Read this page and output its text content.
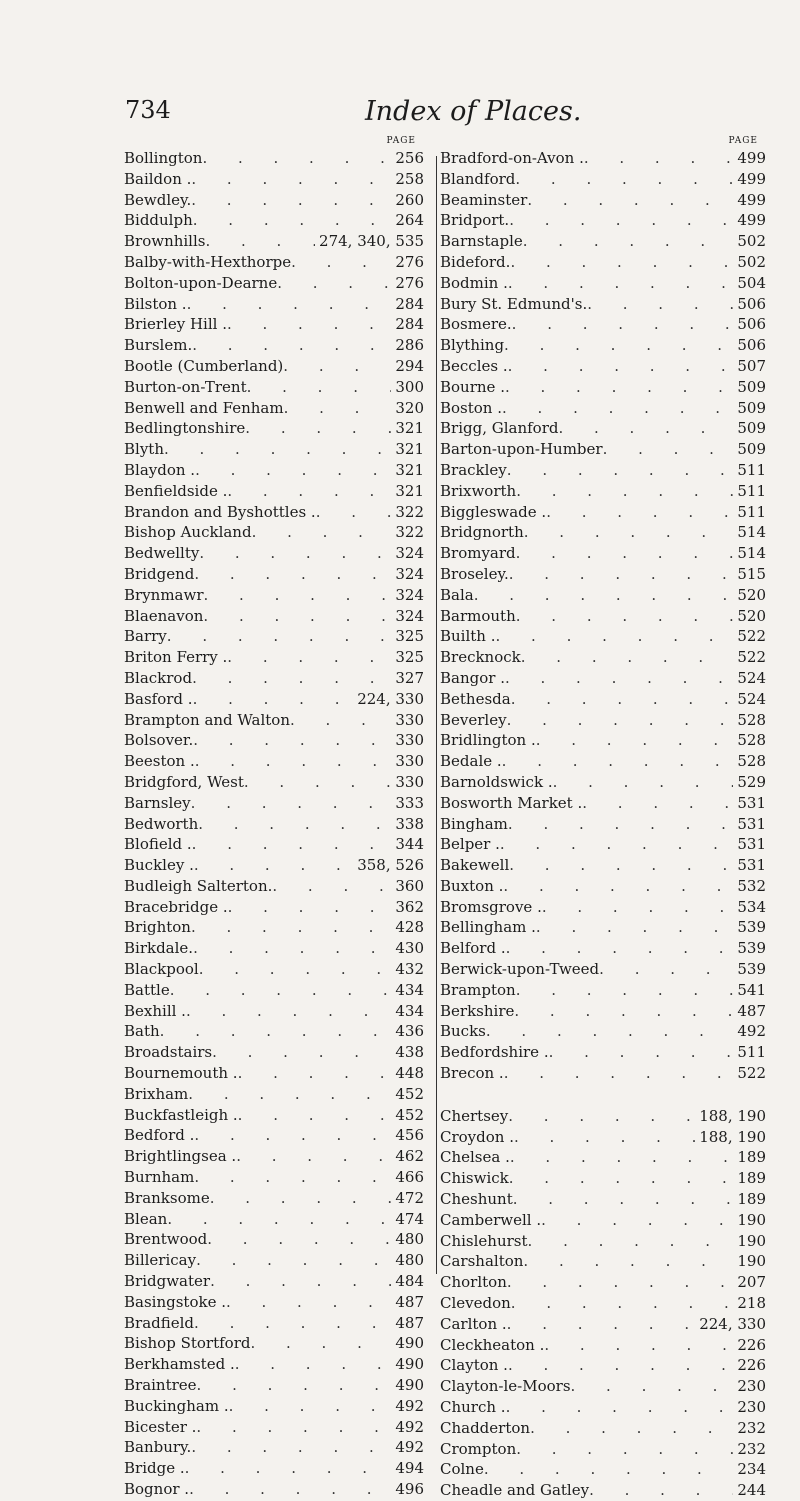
734	Index of Places.
PAGE
Bollington . . .	256
Baildon . . . .	258
Bewdley. . . .	260
Biddulph . . .	264
Brownhills . . .	274, 340, 535
Balby-with-Hexthorpe . . .	276
Bolton-upon-Dearne . . .	276
Bilston . . . .	284
Brierley Hill . . . .	284
Burslem. . . .	286
Bootle (Cumberland) . . .	294
Burton-on-Trent . . .	300
Benwell and Fenham . . .	320
Bedlingtonshire . . .	321
Blyth . . .	321
Blaydon . . . .	321
Benfieldside . . . .	321
Brandon and Byshottles . . . .	322
Bishop Auckland . . .	322
Bedwellty . . .	324
Bridgend . . .	324
Brynmawr . . .	324
Blaenavon . . .	324
Barry . . .	325
Briton Ferry . . . .	325
Blackrod . . .	327
Basford . . . .	224, 330
Brampton and Walton . . .	330
Bolsover. . . .	330
Beeston . . . .	330
Bridgford, West . . .	330
Barnsley . . .	333
Bedworth . . .	338
Blofield . . . .	344
Buckley . . . .	358, 526
Budleigh Salterton. . . .	360
Bracebridge . . . .	362
Brighton . . .	428
Birkdale. . . .	430
Blackpool . . .	432
Battle . . .	434
Bexhill . . . .	434
Bath . . .	436
Broadstairs . . .	438
Bournemouth . . . .	448
Brixham . . .	452
Buckfastleigh . . . .	452
Bedford . . . .	456
Brightlingsea . . . .	462
Burnham . . .	466
Branksome . . .	472
Blean . . .	474
Brentwood . . .	480
Billericay . . .	480
Bridgwater . . .	484
Basingstoke . . . .	487
Bradfield . . .	487
Bishop Stortford . . .	490
Berkhamsted . . . .	490
Braintree . . .	490
Buckingham . . . .	492
Bicester . . . .	492
Banbury. . . .	492
Bridge . . . .	494
Bognor . . . .	496
PAGE
Bradford-on-Avon . . . .	499
Blandford . . .	499
Beaminster . . .	499
Bridport. . . .	499
Barnstaple . . .	502
Bideford. . . .	502
Bodmin . . . .	504
Bury St. Edmund's. . . .	506
Bosmere. . . .	506
Blything . . .	506
Beccles . . . .	507
Bourne . . . .	509
Boston . . . .	509
Brigg, Glanford . . .	509
Barton-upon-Humber . . .	509
Brackley . . .	511
Brixworth . . .	511
Biggleswade . . . .	511
Bridgnorth . . .	514
Bromyard . . .	514
Broseley. . . .	515
Bala . . .	520
Barmouth . . .	520
Builth . . . .	522
Brecknock . . .	522
Bangor . . . .	524
Bethesda . . .	524
Beverley . . .	528
Bridlington . . . .	528
Bedale . . . .	528
Barnoldswick . . . .	529
Bosworth Market . . . .	531
Bingham . . .	531
Belper . . . .	531
Bakewell . . .	531
Buxton . . . .	532
Bromsgrove . . . .	534
Bellingham . . . .	539
Belford . . . .	539
Berwick-upon-Tweed . . .	539
Brampton . . .	541
Berkshire . . .	487
Bucks . . .	492
Bedfordshire . . . .	511
Brecon . . . .	522
Chertsey . . .	188, 190
Croydon . . . .	188, 190
Chelsea . . . .	189
Chiswick . . .	189
Cheshunt . . .	189
Camberwell . . . .	190
Chislehurst . . .	190
Carshalton . . .	190
Chorlton . . .	207
Clevedon . . .	218
Carlton . . . .	224, 330
Cleckheaton . . . .	226
Clayton . . . .	226
Clayton-le-Moors . . .	230
Church . . . .	230
Chadderton . . .	232
Crompton . . .	232
Colne . . .	234
Cheadle and Gatley . . .	244
